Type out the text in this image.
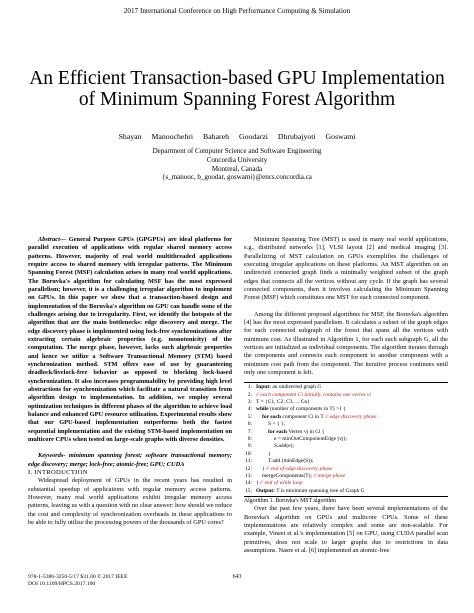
2017 International Conference on High Performance Computing & Simulation
An Efficient Transaction-based GPU Implementation
of Minimum Spanning Forest Algorithm
Shayan Manoochehri Bahareh Goodarzi Dhrubajyoti Goswami
Department of Computer Science and Software Engineering
Concordia University
Montreal, Canada
{s_manooc, b_goodar, goswami}@encs.concordia.ca

Abstract— General Purpose GPUs (GPGPUs) are ideal platforms for parallel execution of applications with regular shared memory access patterns. However, majority of real world multithreaded applications require access to shared memory with irregular patterns. The Minimum Spanning Forest (MSF) calculation arises in many real world applications. The Boruvka's algorithm for calculating MSF has the most expressed parallelism; however, it is a challenging irregular algorithm to implement on GPUs. In this paper we show that a transaction-based design and implementation of the Boruvka's algorithm on GPU can handle some of the challenges arising due to irregularity. First, we identify the hotspots of the algorithm that are the main bottlenecks: edge discovery and merge. The edge discovery phase is implemented using lock-free synchronizations after extracting certain algebraic properties (e.g. monotonicity) of the computation. The merge phase, however, lacks such algebraic properties and hence we utilize a Software Transactional Memory (STM) based synchronization method. STM offers ease of use by guaranteeing deadlock/livelock-free behavior as opposed to blocking lock-based synchronization. It also increases programmability by providing high level abstractions for synchronization which facilitate a natural transition from algorithm design to implementation. In addition, we employ several optimization techniques in different phases of the algorithm to achieve load balance and enhanced GPU resource utilization. Experimental results show that our GPU-based implementation outperforms both the fastest sequential implementation and the existing STM-based implementation on multicore CPUs when tested on large-scale graphs with diverse densities.

Keywords- minimum spanning forest; software transactional memory; edge discovery; merge; lock-free; atomic-free; GPU; CUDA

I. INTRODUCTION

Widespread deployment of GPUs in the recent years has resulted in substantial speedup of applications with regular memory access patterns. However, many real world applications exhibit irregular memory access patterns, leaving us with a question with no clear answer: how should we reduce the cost and complexity of synchronization overheads in these applications to be able to fully utilize the processing powers of the thousands of GPU cores?

Minimum Spanning Tree (MST) is used in many real world applications, e.g., distributed networks [1], VLSI layout [2] and medical imaging [3]. Parallelizing of MST calculation on GPUs exemplifies the challenges of executing irregular applications on these platforms. An MST algorithm on an undirected connected graph finds a minimally weighted subset of the graph edges that connects all the vertices without any cycle. If the graph has several connected components, then it involves calculating the Minimum Spanning Forest (MSF) which constitutes one MST for each connected component.

Among the different proposed algorithms for MSF, the Boruvka's algorithm [4] has the most expressed parallelism. It calculates a subset of the graph edges for each connected subgraph of the forest that spans all the vertices with minimum cost. As illustrated in Algorithm 1, for each such subgraph G, all the vertices are initialized as individual components. The algorithm iterates through the components and connects each component to another component with a minimum cost path from the component. The iterative process continues until only one component is left.

1: Input: an undirected graph G
2: // each component Ci initially contains one vertex vi
3: T = {C1, C2, C3, ... Cn}
4: while (number of components in T) >1 {
5: for each component Ci in T // edge discovery phase
6:	S = { };
7:	for each Vertex vj in Ci {
8:	e = minOutComponentEdge (vj);
9:	S.add(e);
10:	}
11:	T.add (minEdge(S));
12: } // end of edge discovery phase
13: mergeComponents(T); // merge phase
14: } // end of while loop
15: Output: T is minimum spanning tree of Graph G

Algorithm 1. Boruvka's MST algorithm

Over the past few years, there have been several implementations of the Boruvka's algorithm on GPUs and multicore CPUs. Some of these implementations are relatively complex and some are non-scalable. For example, Vineet et al.'s implementation [5] on GPU, using CUDA parallel scan primitives, does not scale to larger graphs due to restrictions in data assumptions. Nasre et al. [6] implemented an atomic-free

978-1-5386-3250-5/17 $31.00 © 2017 IEEE
DOI 10.1109/HPCS.2017.100
643
